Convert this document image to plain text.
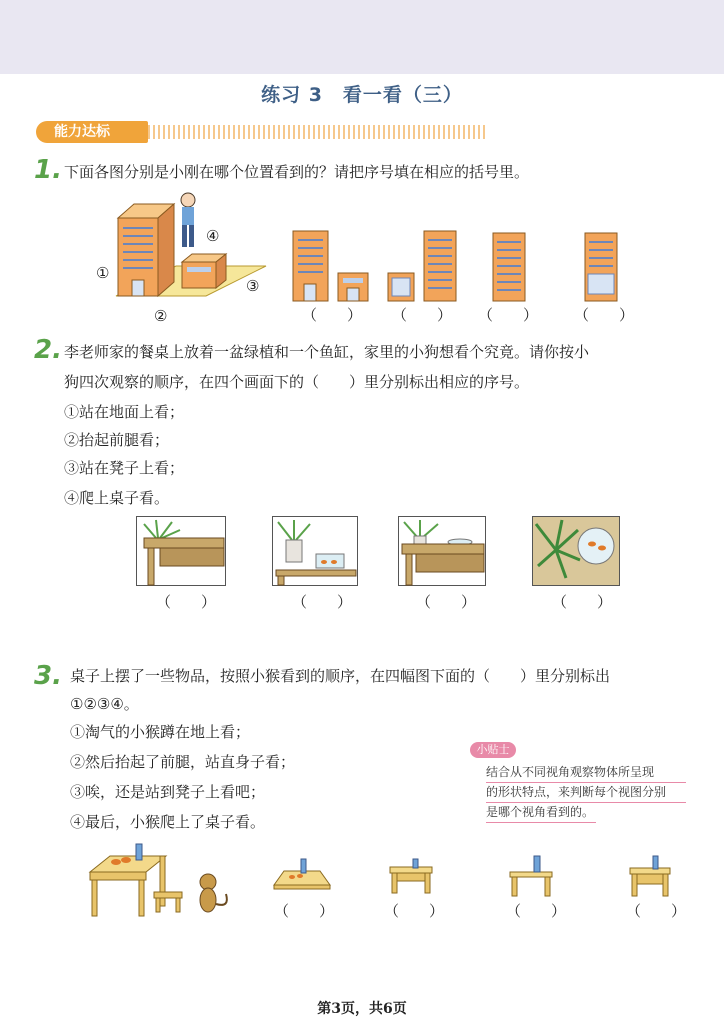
练习 3　看一看（三）
能力达标
1. 下面各图分别是小刚在哪个位置看到的？请把序号填在相应的括号里。
①
②
③
④
（　　） （　　） （　　） （　　）
2. 李老师家的餐桌上放着一盆绿植和一个鱼缸，家里的小狗想看个究竟。请你按小
狗四次观察的顺序，在四个画面下的（　　）里分别标出相应的序号。
①站在地面上看；
②抬起前腿看；
③站在凳子上看；
④爬上桌子看。
（　　）	（　　）	（　　）	（　　）
3. 桌子上摆了一些物品，按照小猴看到的顺序，在四幅图下面的（　　）里分别标出
①②③④。
①淘气的小猴蹲在地上看；
②然后抬起了前腿，站直身子看；
③唉，还是站到凳子上看吧；
④最后，小猴爬上了桌子看。
小贴士
结合从不同视角观察物体所呈现
的形状特点，来判断每个视图分别
是哪个视角看到的。
（　　）	（　　）	（　　）	（　　）
第3页，共6页
